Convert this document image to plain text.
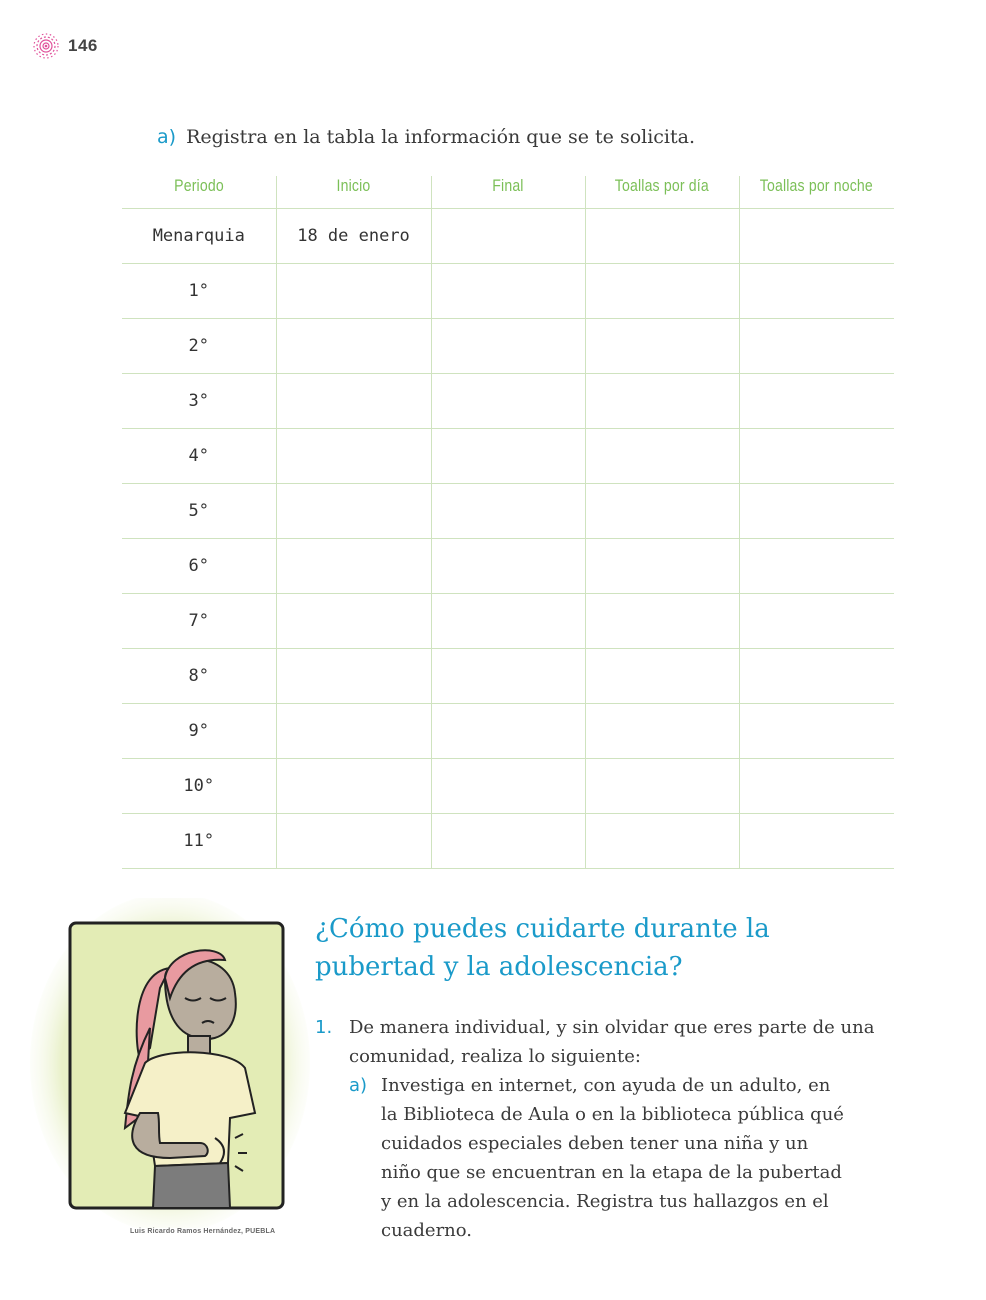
146
a) Registra en la tabla la información que se te solicita.
Periodo	Inicio	Final	Toallas por día	Toallas por noche
Menarquia	18 de enero			
1°				
2°				
3°				
4°				
5°				
6°				
7°				
8°				
9°				
10°				
11°				
Luis Ricardo Ramos Hernández, PUEBLA
¿Cómo puedes cuidarte durante la pubertad y la adolescencia?
1. De manera individual, y sin olvidar que eres parte de una comunidad, realiza lo siguiente:
a) Investiga en internet, con ayuda de un adulto, en la Biblioteca de Aula o en la biblioteca pública qué cuidados especiales deben tener una niña y un niño que se encuentran en la etapa de la pubertad y en la adolescencia. Registra tus hallazgos en el cuaderno.
